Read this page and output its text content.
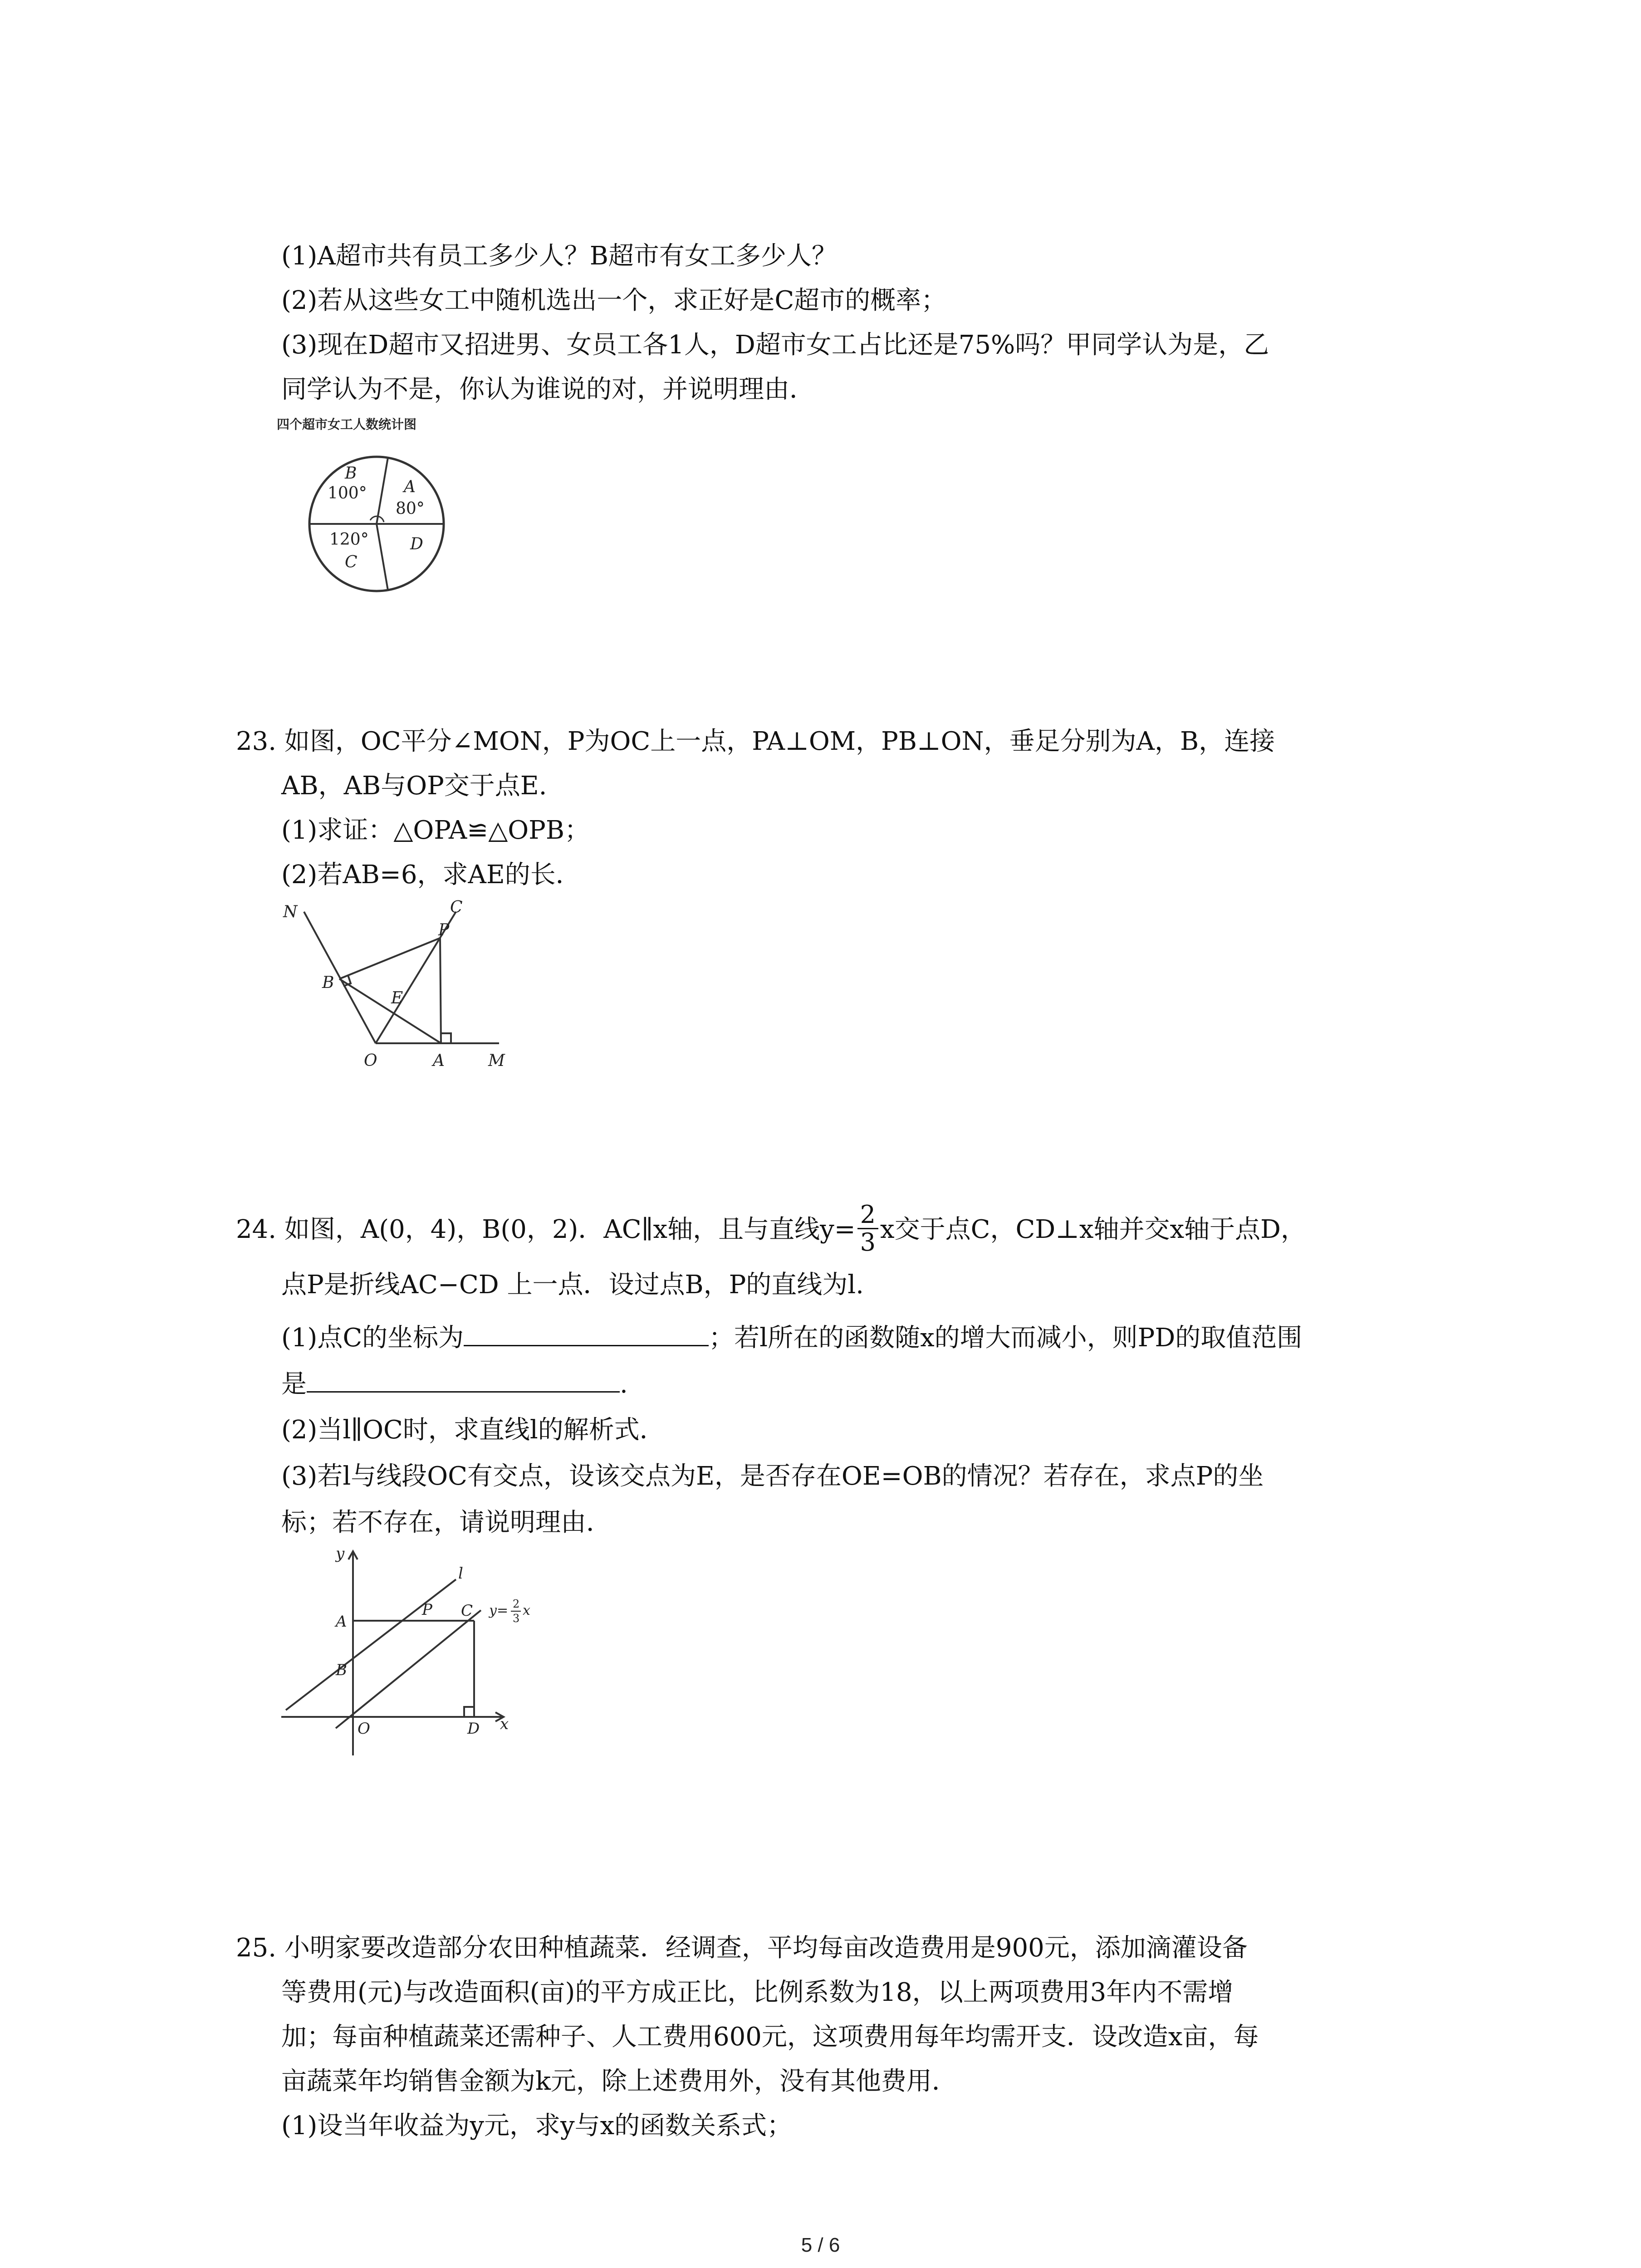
(1)A超市共有员工多少人？B超市有女工多少人？
(2)若从这些女工中随机选出一个，求正好是C超市的概率；
(3)现在D超市又招进男、女员工各1人，D超市女工占比还是75%吗？甲同学认为是，乙
同学认为不是，你认为谁说的对，并说明理由．
四个超市女工人数统计图
B
100° A
80°
120°
C
D
23. 如图，OC平分∠MON，P为OC上一点，PA⊥OM，PB⊥ON，垂足分别为A，B，连接
AB，AB与OP交于点E.
(1)求证：△OPA≌△OPB；
(2)若AB=6，求AE的长．
N	C
P
B
E
O	A	M
24. 如图，A(0，4)，B(0，2)．AC∥x轴，且与直线$y= \frac{2}{3}$ x交于点C，CD⊥x轴并交x轴于点D，
点P是折线AC−CD 上一点．设过点B，P的直线为l.
(1)点C的坐标为	；若l所在的函数随x的增大而减小，则PD的取值范围
是	.
(2)当l∥OC时，求直线l的解析式．
(3)若l与线段OC有交点，设该交点为E，是否存在OE=OB的情况？若存在，求点P的坐
标；若不存在，请说明理由．
y
x
A
B
O	D
P C
l
y= 2
3 x
25. 小明家要改造部分农田种植蔬菜．经调查，平均每亩改造费用是900元，添加滴灌设备
等费用(元)与改造面积(亩)的平方成正比，比例系数为18，以上两项费用3年内不需增
加；每亩种植蔬菜还需种子、人工费用600元，这项费用每年均需开支．设改造x亩，每
亩蔬菜年均销售金额为k元，除上述费用外，没有其他费用．
(1)设当年收益为y元，求y与x的函数关系式；
5 / 6
